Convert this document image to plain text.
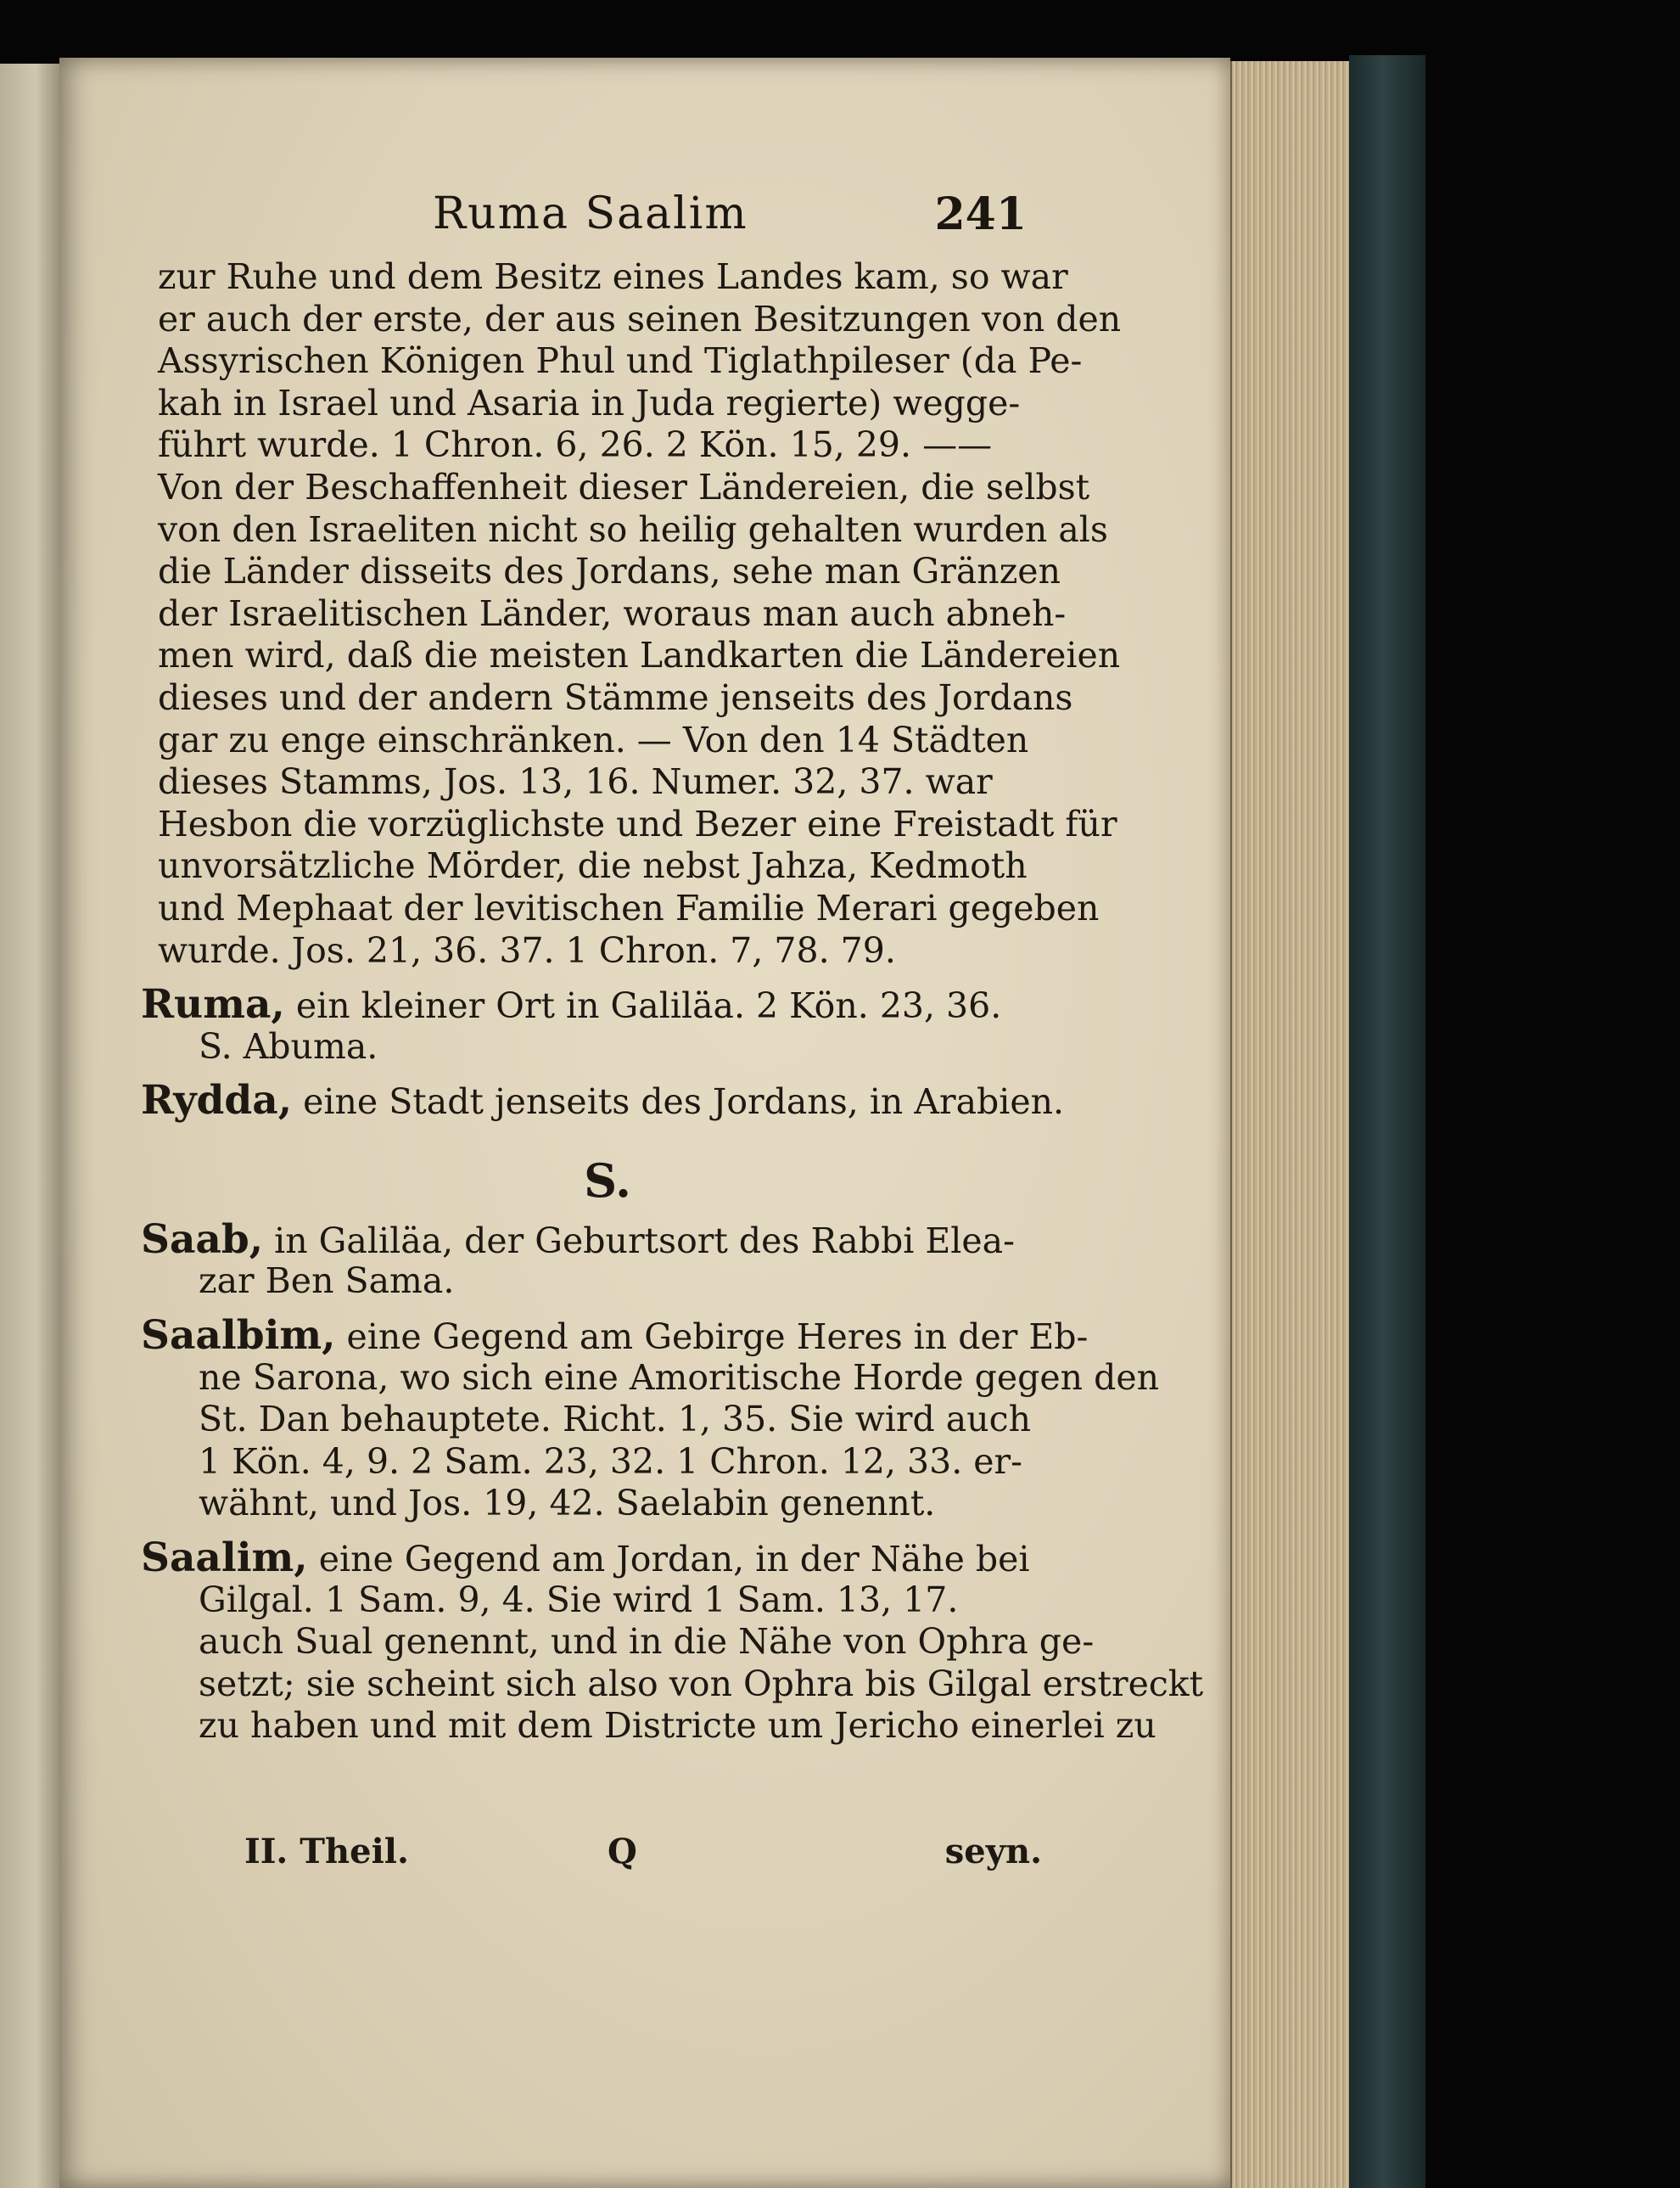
Ruma Saalim	241
zur Ruhe und dem Besitz eines Landes kam, so war
er auch der erste, der aus seinen Besitzungen von den
Assyrischen Königen Phul und Tiglathpileser (da Pe-
kah in Israel und Asaria in Juda regierte) wegge-
führt wurde. 1 Chron. 6, 26. 2 Kön. 15, 29. ——
Von der Beschaffenheit dieser Ländereien, die selbst
von den Israeliten nicht so heilig gehalten wurden als
die Länder disseits des Jordans, sehe man Gränzen
der Israelitischen Länder, woraus man auch abneh-
men wird, daß die meisten Landkarten die Ländereien
dieses und der andern Stämme jenseits des Jordans
gar zu enge einschränken. — Von den 14 Städten
dieses Stamms, Jos. 13, 16. Numer. 32, 37. war
Hesbon die vorzüglichste und Bezer eine Freistadt für
unvorsätzliche Mörder, die nebst Jahza, Kedmoth
und Mephaat der levitischen Familie Merari gegeben
wurde. Jos. 21, 36. 37. 1 Chron. 7, 78. 79.
Ruma, ein kleiner Ort in Galiläa. 2 Kön. 23, 36.
S. Abuma.
Rydda, eine Stadt jenseits des Jordans, in Arabien.
S.
Saab, in Galiläa, der Geburtsort des Rabbi Elea-
zar Ben Sama.
Saalbim, eine Gegend am Gebirge Heres in der Eb-
ne Sarona, wo sich eine Amoritische Horde gegen den
St. Dan behauptete. Richt. 1, 35. Sie wird auch
1 Kön. 4, 9. 2 Sam. 23, 32. 1 Chron. 12, 33. er-
wähnt, und Jos. 19, 42. Saelabin genennt.
Saalim, eine Gegend am Jordan, in der Nähe bei
Gilgal. 1 Sam. 9, 4. Sie wird 1 Sam. 13, 17.
auch Sual genennt, und in die Nähe von Ophra ge-
setzt; sie scheint sich also von Ophra bis Gilgal erstreckt
zu haben und mit dem Districte um Jericho einerlei zu
II. Theil.	Q	seyn.
